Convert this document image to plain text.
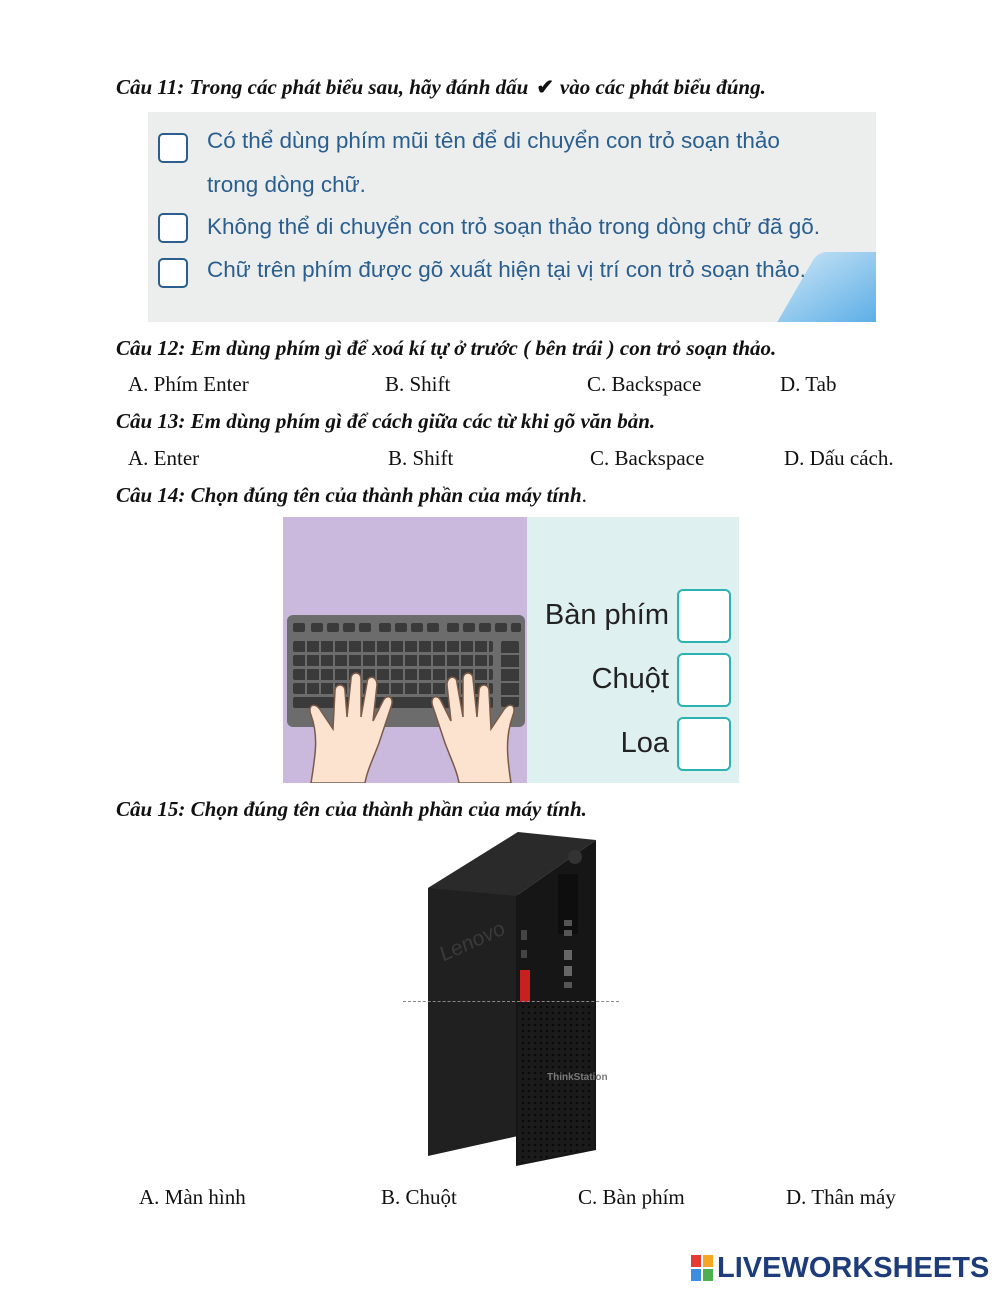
Câu 11: Trong các phát biểu sau, hãy đánh dấu ✔ vào các phát biểu đúng.
Có thể dùng phím mũi tên để di chuyển con trỏ soạn thảo
trong dòng chữ.
Không thể di chuyển con trỏ soạn thảo trong dòng chữ đã gõ.
Chữ trên phím được gõ xuất hiện tại vị trí con trỏ soạn thảo.
Câu 12: Em dùng phím gì để xoá kí tự ở trước ( bên trái ) con trỏ soạn thảo.
A. Phím Enter	B. Shift	C. Backspace	D. Tab
Câu 13: Em dùng phím gì để cách giữa các từ khi gõ văn bản.
A. Enter	B. Shift	C. Backspace	D. Dấu cách.
Câu 14: Chọn đúng tên của thành phần của máy tính.
Bàn phím
Chuột
Loa
Câu 15: Chọn đúng tên của thành phần của máy tính.
Lenovo
ThinkStation
A. Màn hình	B. Chuột	C. Bàn phím	D. Thân máy
LIVEWORKSHEETS
